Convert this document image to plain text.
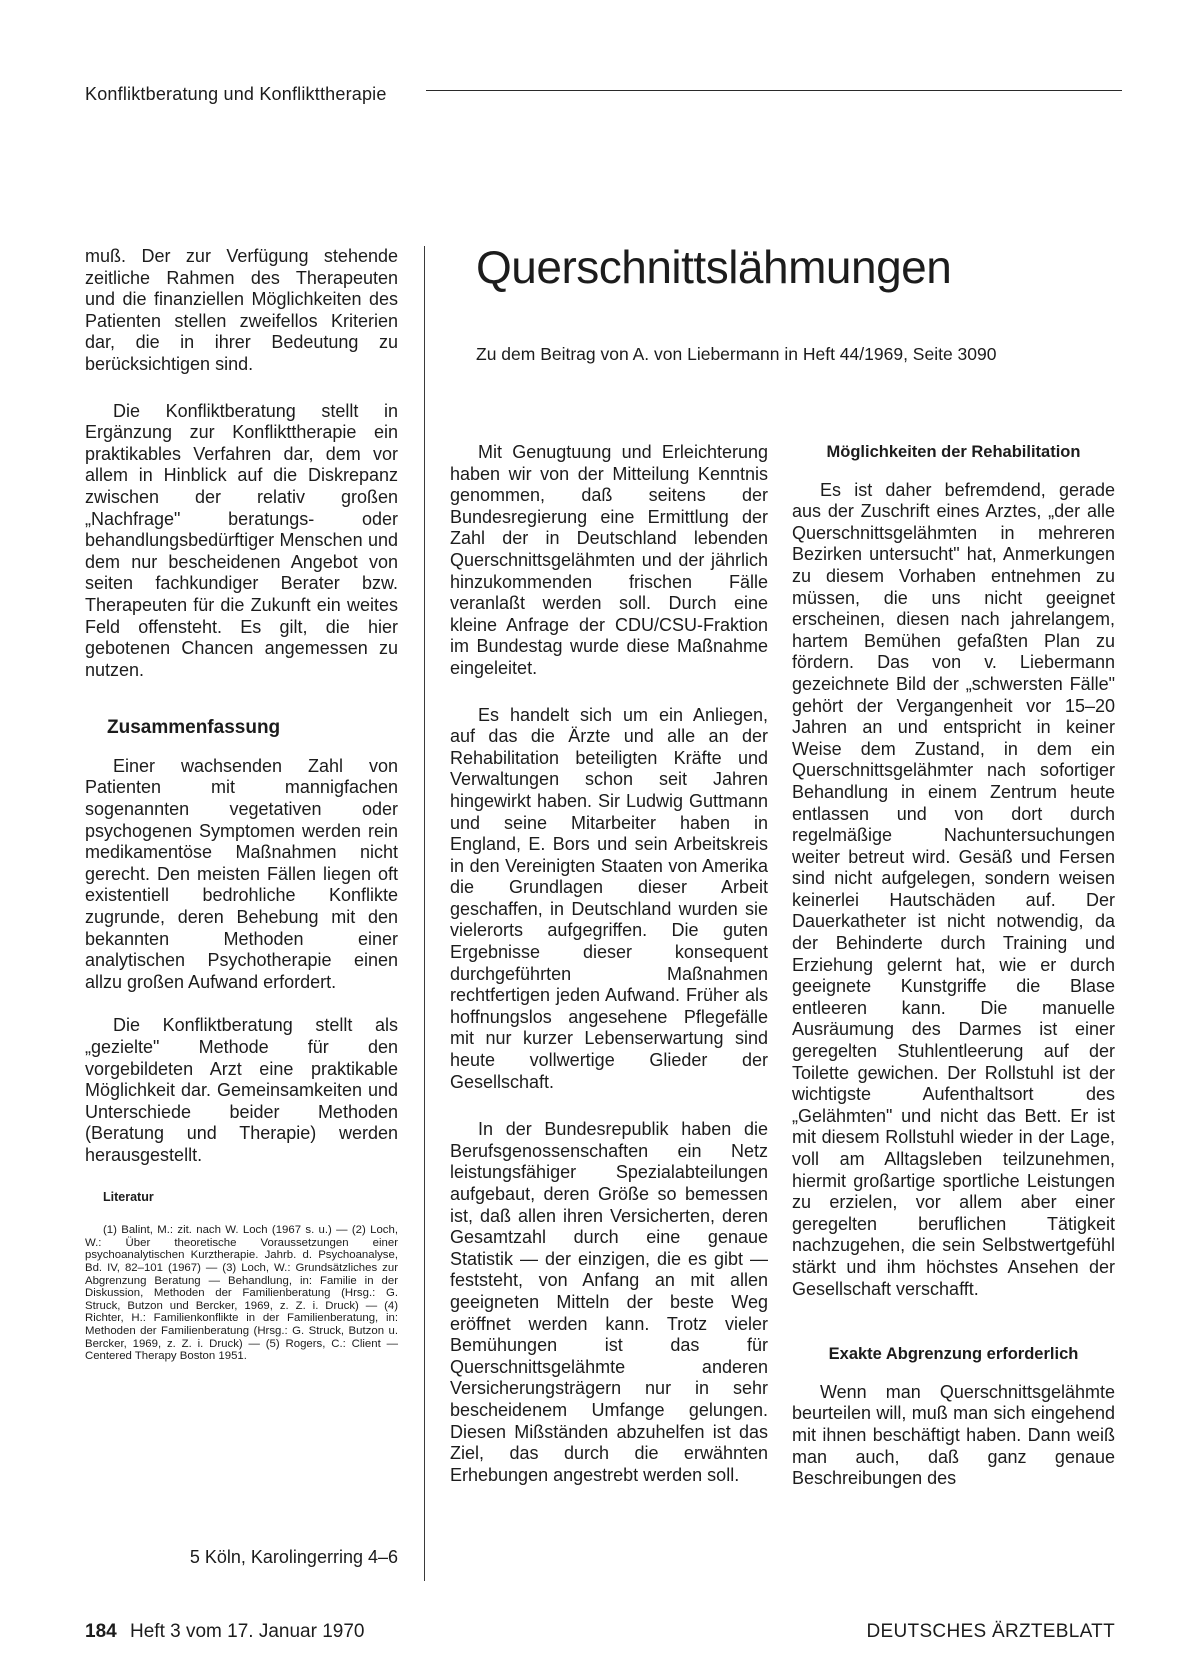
Konfliktberatung und Konflikttherapie

muß. Der zur Verfügung stehende zeitliche Rahmen des Therapeuten und die finanziellen Möglichkeiten des Patienten stellen zweifellos Kriterien dar, die in ihrer Bedeutung zu berücksichtigen sind.

Die Konfliktberatung stellt in Ergänzung zur Konflikttherapie ein praktikables Verfahren dar, dem vor allem in Hinblick auf die Diskrepanz zwischen der relativ großen „Nachfrage" beratungs- oder behandlungsbedürftiger Menschen und dem nur bescheidenen Angebot von seiten fachkundiger Berater bzw. Therapeuten für die Zukunft ein weites Feld offensteht. Es gilt, die hier gebotenen Chancen angemessen zu nutzen.

Zusammenfassung

Einer wachsenden Zahl von Patienten mit mannigfachen sogenannten vegetativen oder psychogenen Symptomen werden rein medikamentöse Maßnahmen nicht gerecht. Den meisten Fällen liegen oft existentiell bedrohliche Konflikte zugrunde, deren Behebung mit den bekannten Methoden einer analytischen Psychotherapie einen allzu großen Aufwand erfordert.

Die Konfliktberatung stellt als „gezielte" Methode für den vorgebildeten Arzt eine praktikable Möglichkeit dar. Gemeinsamkeiten und Unterschiede beider Methoden (Beratung und Therapie) werden herausgestellt.

Literatur

(1) Balint, M.: zit. nach W. Loch (1967 s. u.) — (2) Loch, W.: Über theoretische Voraussetzungen einer psychoanalytischen Kurztherapie. Jahrb. d. Psychoanalyse, Bd. IV, 82–101 (1967) — (3) Loch, W.: Grundsätzliches zur Abgrenzung Beratung — Behandlung, in: Familie in der Diskussion, Methoden der Familienberatung (Hrsg.: G. Struck, Butzon und Bercker, 1969, z. Z. i. Druck) — (4) Richter, H.: Familienkonflikte in der Familienberatung, in: Methoden der Familienberatung (Hrsg.: G. Struck, Butzon u. Bercker, 1969, z. Z. i. Druck) — (5) Rogers, C.: Client — Centered Therapy Boston 1951.

5 Köln, Karolingerring 4–6
Querschnittslähmungen

Zu dem Beitrag von A. von Liebermann in Heft 44/1969, Seite 3090

Mit Genugtuung und Erleichterung haben wir von der Mitteilung Kenntnis genommen, daß seitens der Bundesregierung eine Ermittlung der Zahl der in Deutschland lebenden Querschnittsgelähmten und der jährlich hinzukommenden frischen Fälle veranlaßt werden soll. Durch eine kleine Anfrage der CDU/CSU-Fraktion im Bundestag wurde diese Maßnahme eingeleitet.

Es handelt sich um ein Anliegen, auf das die Ärzte und alle an der Rehabilitation beteiligten Kräfte und Verwaltungen schon seit Jahren hingewirkt haben. Sir Ludwig Guttmann und seine Mitarbeiter haben in England, E. Bors und sein Arbeitskreis in den Vereinigten Staaten von Amerika die Grundlagen dieser Arbeit geschaffen, in Deutschland wurden sie vielerorts aufgegriffen. Die guten Ergebnisse dieser konsequent durchgeführten Maßnahmen rechtfertigen jeden Aufwand. Früher als hoffnungslos angesehene Pflegefälle mit nur kurzer Lebenserwartung sind heute vollwertige Glieder der Gesellschaft.

In der Bundesrepublik haben die Berufsgenossenschaften ein Netz leistungsfähiger Spezialabteilungen aufgebaut, deren Größe so bemessen ist, daß allen ihren Versicherten, deren Gesamtzahl durch eine genaue Statistik — der einzigen, die es gibt — feststeht, von Anfang an mit allen geeigneten Mitteln der beste Weg eröffnet werden kann. Trotz vieler Bemühungen ist das für Querschnittsgelähmte anderen Versicherungsträgern nur in sehr bescheidenem Umfange gelungen. Diesen Mißständen abzuhelfen ist das Ziel, das durch die erwähnten Erhebungen angestrebt werden soll.

Möglichkeiten der Rehabilitation

Es ist daher befremdend, gerade aus der Zuschrift eines Arztes, „der alle Querschnittsgelähmten in mehreren Bezirken untersucht" hat, Anmerkungen zu diesem Vorhaben entnehmen zu müssen, die uns nicht geeignet erscheinen, diesen nach jahrelangem, hartem Bemühen gefaßten Plan zu fördern. Das von v. Liebermann gezeichnete Bild der „schwersten Fälle" gehört der Vergangenheit vor 15–20 Jahren an und entspricht in keiner Weise dem Zustand, in dem ein Querschnittsgelähmter nach sofortiger Behandlung in einem Zentrum heute entlassen und von dort durch regelmäßige Nachuntersuchungen weiter betreut wird. Gesäß und Fersen sind nicht aufgelegen, sondern weisen keinerlei Hautschäden auf. Der Dauerkatheter ist nicht notwendig, da der Behinderte durch Training und Erziehung gelernt hat, wie er durch geeignete Kunstgriffe die Blase entleeren kann. Die manuelle Ausräumung des Darmes ist einer geregelten Stuhlentleerung auf der Toilette gewichen. Der Rollstuhl ist der wichtigste Aufenthaltsort des „Gelähmten" und nicht das Bett. Er ist mit diesem Rollstuhl wieder in der Lage, voll am Alltagsleben teilzunehmen, hiermit großartige sportliche Leistungen zu erzielen, vor allem aber einer geregelten beruflichen Tätigkeit nachzugehen, die sein Selbstwertgefühl stärkt und ihm höchstes Ansehen der Gesellschaft verschafft.

Exakte Abgrenzung erforderlich

Wenn man Querschnittsgelähmte beurteilen will, muß man sich eingehend mit ihnen beschäftigt haben. Dann weiß man auch, daß ganz genaue Beschreibungen des

184 Heft 3 vom 17. Januar 1970	DEUTSCHES ÄRZTEBLATT
